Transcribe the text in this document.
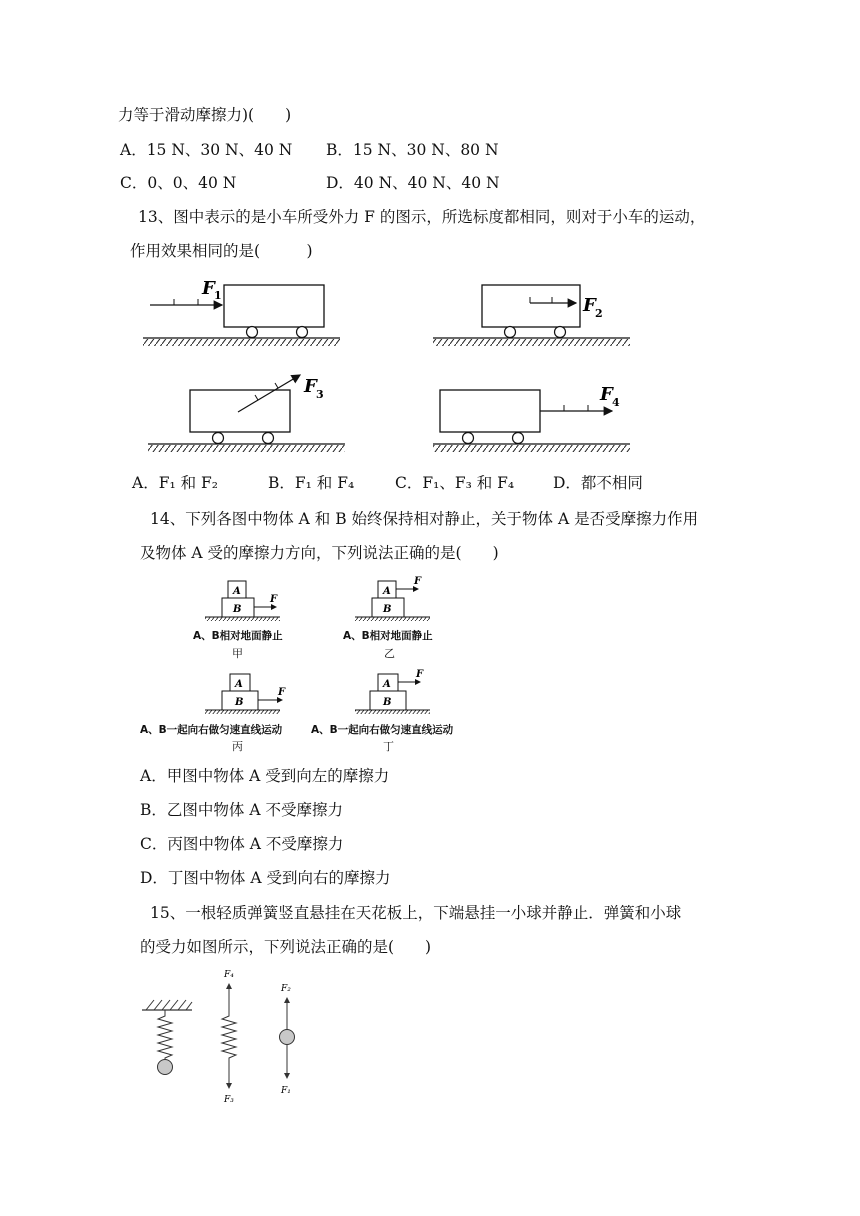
力等于滑动摩擦力)(　　)
A．15 N、30 N、40 N B．15 N、30 N、80 N
C．0、0、40 N	D．40 N、40 N、40 N
13、图中表示的是小车所受外力 F 的图示，所选标度都相同，则对于小车的运动，
作用效果相同的是(　　　)
F 1	F 2
F 3	F 4
A．F₁ 和 F₂	B．F₁ 和 F₄	C．F₁、F₃ 和 F₄	D．都不相同
14、下列各图中物体 A 和 B 始终保持相对静止，关于物体 A 是否受摩擦力作用
及物体 A 受的摩擦力方向，下列说法正确的是(　　)
A
B
F
A
B
F
A
B
F
A
B
F
A、B相对地面静止
甲
A、B相对地面静止
乙
A、B一起向右做匀速直线运动
丙
A、B一起向右做匀速直线运动
丁
A．甲图中物体 A 受到向左的摩擦力
B．乙图中物体 A 不受摩擦力
C．丙图中物体 A 不受摩擦力
D．丁图中物体 A 受到向右的摩擦力
15、一根轻质弹簧竖直悬挂在天花板上，下端悬挂一小球并静止．弹簧和小球
的受力如图所示，下列说法正确的是(　　)
F₄
F₃
F₂
F₁
